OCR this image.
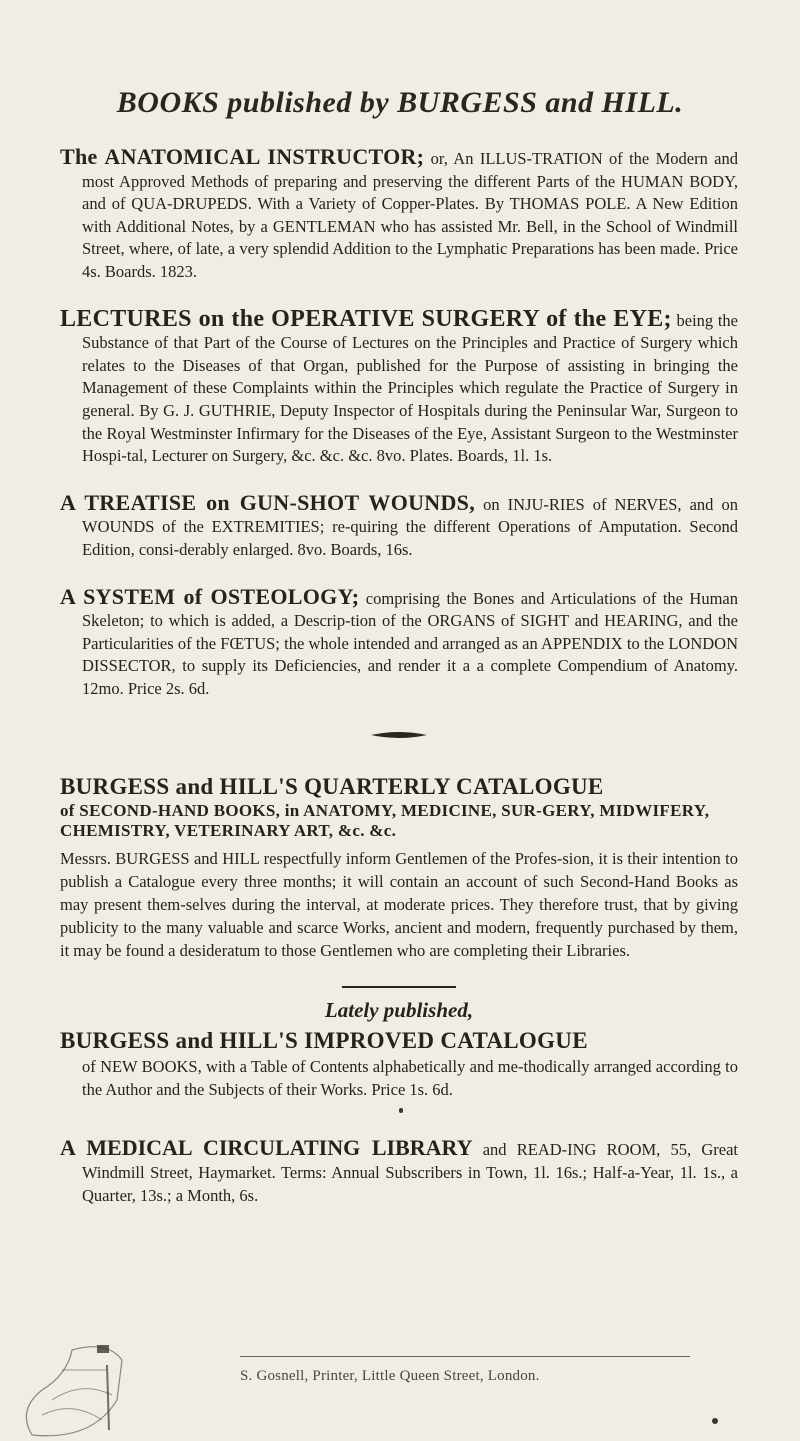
BOOKS published by BURGESS and HILL.

The ANATOMICAL INSTRUCTOR; or, An ILLUS-TRATION of the Modern and most Approved Methods of preparing and preserving the different Parts of the HUMAN BODY, and of QUA-DRUPEDS. With a Variety of Copper-Plates. By THOMAS POLE. A New Edition with Additional Notes, by a GENTLEMAN who has assisted Mr. Bell, in the School of Windmill Street, where, of late, a very splendid Addition to the Lymphatic Preparations has been made. Price 4s. Boards. 1823.

LECTURES on the OPERATIVE SURGERY of the EYE; being the Substance of that Part of the Course of Lectures on the Principles and Practice of Surgery which relates to the Diseases of that Organ, published for the Purpose of assisting in bringing the Management of these Complaints within the Principles which regulate the Practice of Surgery in general. By G. J. GUTHRIE, Deputy Inspector of Hospitals during the Peninsular War, Surgeon to the Royal Westminster Infirmary for the Diseases of the Eye, Assistant Surgeon to the Westminster Hospi-tal, Lecturer on Surgery, &c. &c. &c. 8vo. Plates. Boards, 1l. 1s.

A TREATISE on GUN-SHOT WOUNDS, on INJU-RIES of NERVES, and on WOUNDS of the EXTREMITIES; re-quiring the different Operations of Amputation. Second Edition, consi-derably enlarged. 8vo. Boards, 16s.

A SYSTEM of OSTEOLOGY; comprising the Bones and Articulations of the Human Skeleton; to which is added, a Descrip-tion of the ORGANS of SIGHT and HEARING, and the Particularities of the FŒTUS; the whole intended and arranged as an APPENDIX to the LONDON DISSECTOR, to supply its Deficiencies, and render it a a complete Compendium of Anatomy. 12mo. Price 2s. 6d.

BURGESS and HILL'S QUARTERLY CATALOGUE
of SECOND-HAND BOOKS, in ANATOMY, MEDICINE, SUR-GERY, MIDWIFERY, CHEMISTRY, VETERINARY ART, &c. &c.

Messrs. BURGESS and HILL respectfully inform Gentlemen of the Profes-sion, it is their intention to publish a Catalogue every three months; it will contain an account of such Second-Hand Books as may present them-selves during the interval, at moderate prices. They therefore trust, that by giving publicity to the many valuable and scarce Works, ancient and modern, frequently purchased by them, it may be found a desideratum to those Gentlemen who are completing their Libraries.

Lately published,
BURGESS and HILL'S IMPROVED CATALOGUE

of NEW BOOKS, with a Table of Contents alphabetically and me-thodically arranged according to the Author and the Subjects of their Works. Price 1s. 6d.

A MEDICAL CIRCULATING LIBRARY and READ-ING ROOM, 55, Great Windmill Street, Haymarket. Terms: Annual Subscribers in Town, 1l. 16s.; Half-a-Year, 1l. 1s., a Quarter, 13s.; a Month, 6s.

S. Gosnell, Printer, Little Queen Street, London.
